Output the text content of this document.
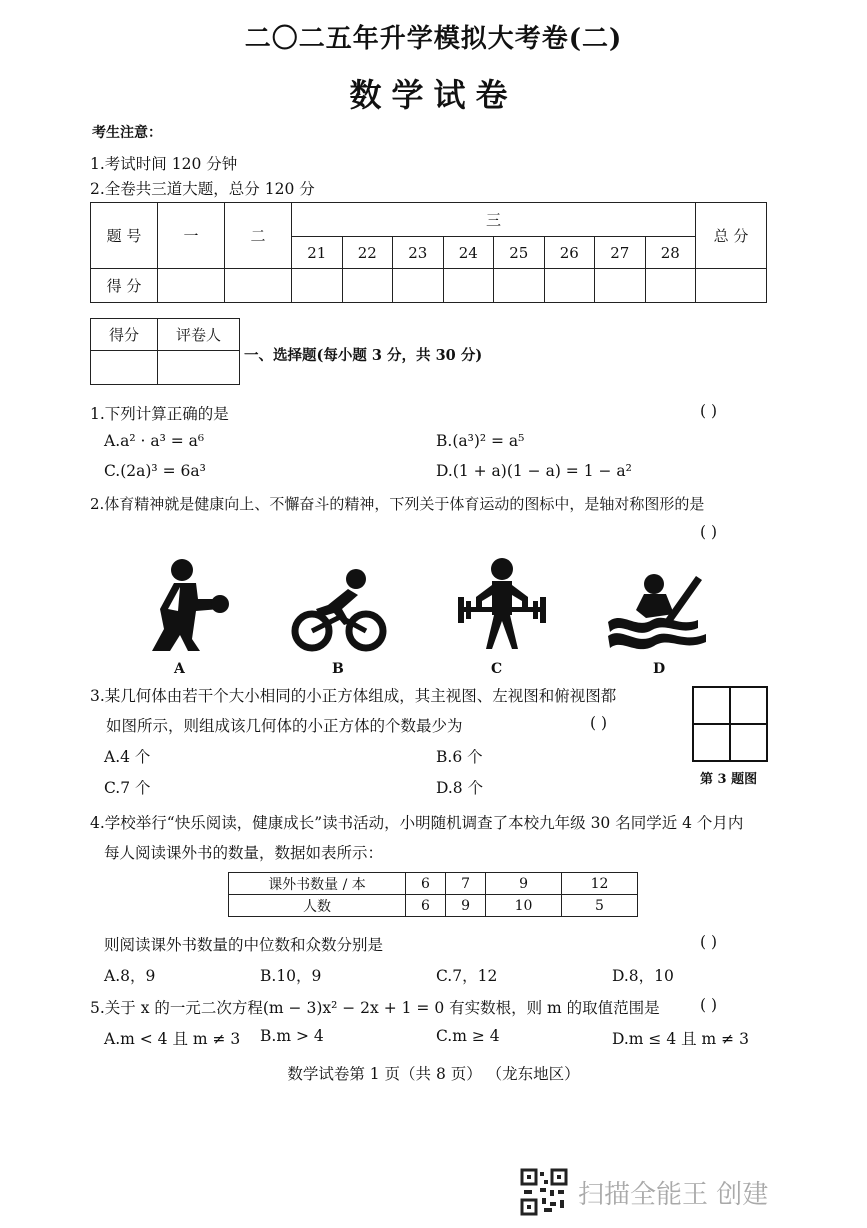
二〇二五年升学模拟大考卷(二)
数学试卷
考生注意：
1.考试时间 120 分钟
2.全卷共三道大题，总分 120 分
题 号	一	二	三								总 分
			21	22	23	24	25	26	27	28	
得 分											
得分	评卷人

一、选择题(每小题 3 分，共 30 分)
1.下列计算正确的是	( )
A.a² · a³ = a⁶	B.(a³)² = a⁵
C.(2a)³ = 6a³	D.(1 + a)(1 − a) = 1 − a²
2.体育精神就是健康向上、不懈奋斗的精神，下列关于体育运动的图标中，是轴对称图形的是
( )
A	B	C	D
3.某几何体由若干个大小相同的小正方体组成，其主视图、左视图和俯视图都
如图所示，则组成该几何体的小正方体的个数最少为	( )
A.4 个	B.6 个
C.7 个	D.8 个	第 3 题图
4.学校举行“快乐阅读，健康成长”读书活动，小明随机调查了本校九年级 30 名同学近 4 个月内
每人阅读课外书的数量，数据如表所示：
课外书数量 / 本	6	7	9	12
人数	6	9	10	5
则阅读课外书数量的中位数和众数分别是	( )
A.8，9	B.10，9	C.7，12	D.8，10
5.关于 x 的一元二次方程(m − 3)x² − 2x + 1 = 0 有实数根，则 m 的取值范围是	( )
A.m < 4 且 m ≠ 3 B.m > 4	C.m ≥ 4	D.m ≤ 4 且 m ≠ 3
数学试卷第 1 页（共 8 页） （龙东地区）
扫描全能王 创建
